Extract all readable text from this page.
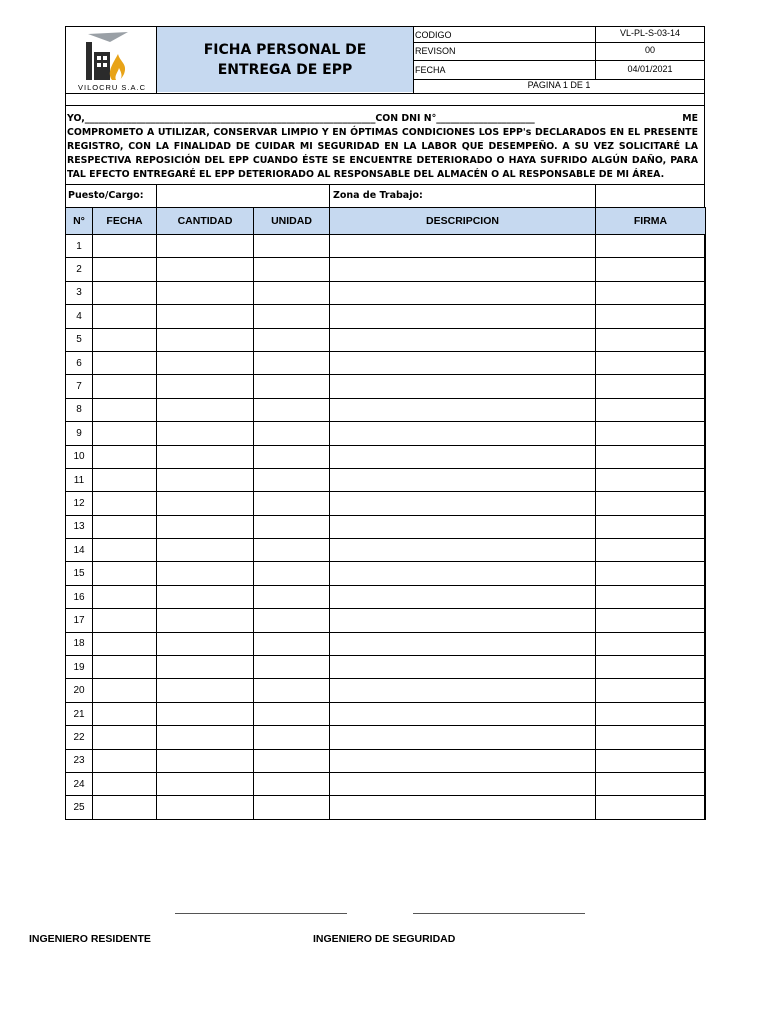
VILOCRU S.A.C
FICHA PERSONAL DE
ENTREGA DE EPP
CODIGO	VL-PL-S-03-14
REVISON	00
FECHA	04/01/2021
PAGINA 1 DE 1
YO,______________________________________________________________CON DNI N°_____________________	ME
COMPROMETO A UTILIZAR, CONSERVAR LIMPIO Y EN ÓPTIMAS CONDICIONES LOS EPP's DECLARADOS EN EL PRESENTE REGISTRO, CON LA FINALIDAD DE CUIDAR MI SEGURIDAD EN LA LABOR QUE DESEMPEÑO. A SU VEZ SOLICITARÉ LA RESPECTIVA REPOSICIÓN DEL EPP CUANDO ÉSTE SE ENCUENTRE DETERIORADO O HAYA SUFRIDO ALGÚN DAÑO, PARA TAL EFECTO ENTREGARÉ EL EPP DETERIORADO AL RESPONSABLE DEL ALMACÉN O AL RESPONSABLE DE MI ÁREA.
Puesto/Cargo:	Zona de Trabajo:
N°	FECHA	CANTIDAD	UNIDAD	DESCRIPCION	FIRMA
1					
2					
3					
4					
5					
6					
7					
8					
9					
10					
11					
12					
13					
14					
15					
16					
17					
18					
19					
20					
21					
22					
23					
24					
25					
INGENIERO RESIDENTE	INGENIERO DE SEGURIDAD
